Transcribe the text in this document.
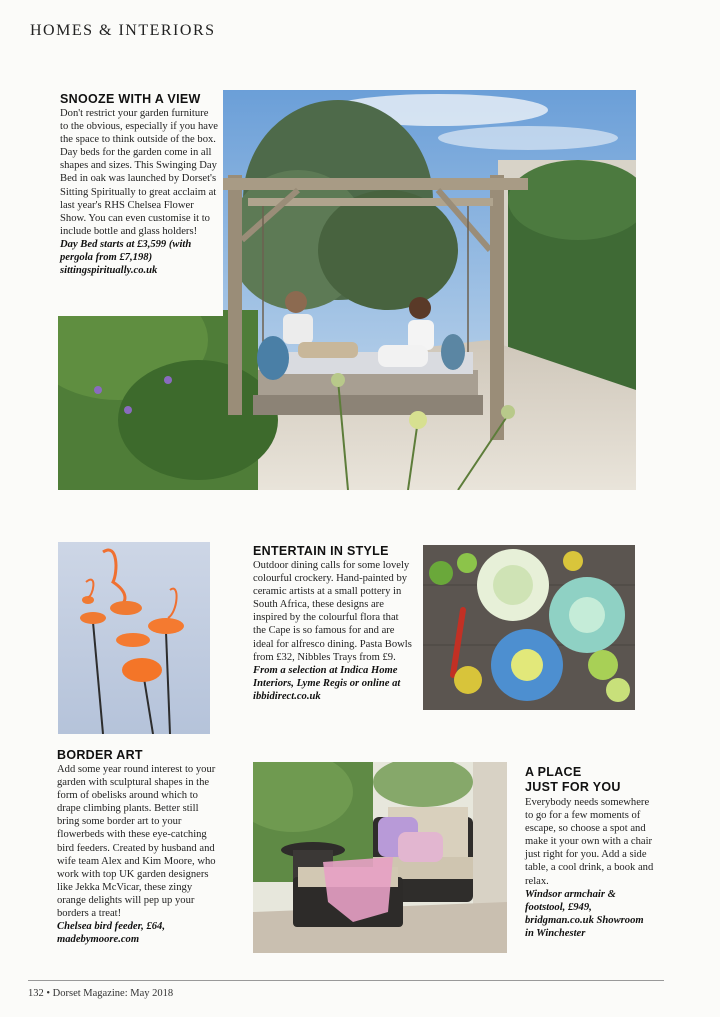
HOMES & INTERIORS

SNOOZE WITH A VIEW

Don't restrict your garden furniture to the obvious, especially if you have the space to think outside of the box. Day beds for the garden come in all shapes and sizes. This Swinging Day Bed in oak was launched by Dorset's Sitting Spiritually to great acclaim at last year's RHS Chelsea Flower Show. You can even customise it to include bottle and glass holders!

Day Bed starts at £3,599 (with pergola from £7,198) sittingspiritually.co.uk

ENTERTAIN IN STYLE

Outdoor dining calls for some lovely colourful crockery. Hand-painted by ceramic artists at a small pottery in South Africa, these designs are inspired by the colourful flora that the Cape is so famous for and are ideal for alfresco dining. Pasta Bowls from £32, Nibbles Trays from £9.

From a selection at Indica Home Interiors, Lyme Regis or online at ibbidirect.co.uk

BORDER ART

Add some year round interest to your garden with sculptural shapes in the form of obelisks around which to drape climbing plants. Better still bring some border art to your flowerbeds with these eye-catching bird feeders. Created by husband and wife team Alex and Kim Moore, who work with top UK garden designers like Jekka McVicar, these zingy orange delights will pep up your borders a treat!

Chelsea bird feeder, £64, madebymoore.com

A PLACE

JUST FOR YOU

Everybody needs somewhere to go for a few moments of escape, so choose a spot and make it your own with a chair just right for you. Add a side table, a cool drink, a book and relax.

Windsor armchair & footstool, £949, bridgman.co.uk Showroom in Winchester

132 • Dorset Magazine: May 2018
